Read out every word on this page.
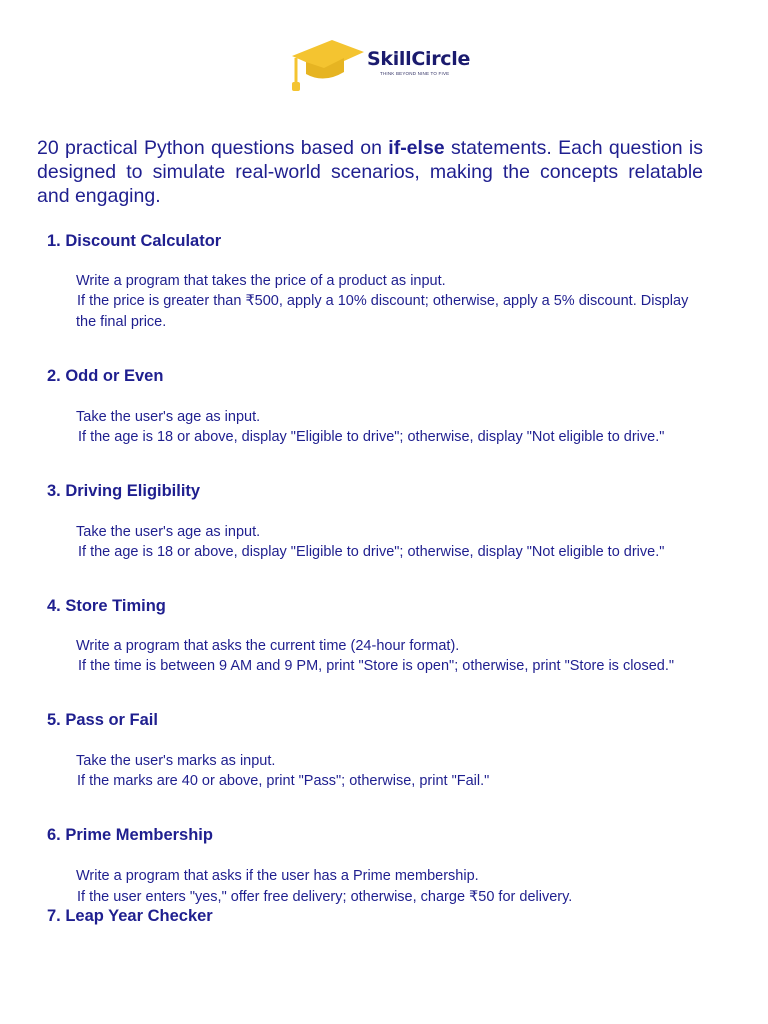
SkillCircle
THINK BEYOND NINE TO FIVE

20 practical Python questions based on if-else statements. Each question is designed to simulate real-world scenarios, making the concepts relatable and engaging.

1. Discount Calculator

Write a program that takes the price of a product as input.

If the price is greater than ₹500, apply a 10% discount; otherwise, apply a 5% discount. Display

the final price.

2. Odd or Even

Take the user's age as input.

If the age is 18 or above, display "Eligible to drive"; otherwise, display "Not eligible to drive."

3. Driving Eligibility

Take the user's age as input.

If the age is 18 or above, display "Eligible to drive"; otherwise, display "Not eligible to drive."

4. Store Timing

Write a program that asks the current time (24-hour format).

If the time is between 9 AM and 9 PM, print "Store is open"; otherwise, print "Store is closed."

5. Pass or Fail

Take the user's marks as input.

If the marks are 40 or above, print "Pass"; otherwise, print "Fail."

6. Prime Membership

Write a program that asks if the user has a Prime membership.

If the user enters "yes," offer free delivery; otherwise, charge ₹50 for delivery.

7. Leap Year Checker
